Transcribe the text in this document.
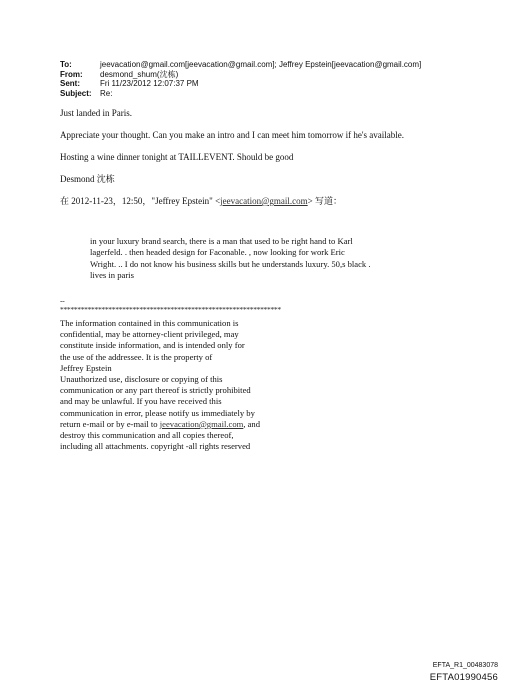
To:	jeevacation@gmail.com[jeevacation@gmail.com]; Jeffrey Epstein[jeevacation@gmail.com]
From:	desmond_shum(沈栋)
Sent:	Fri 11/23/2012 12:07:37 PM
Subject:	Re:

Just landed in Paris.

Appreciate your thought. Can you make an intro and I can meet him tomorrow if he's available.

Hosting a wine dinner tonight at TAILLEVENT. Should be good

Desmond 沈栋

在 2012-11-23，12:50，"Jeffrey Epstein" <jeevacation@gmail.com> 写道：

in your luxury brand search, there is a man that used to be right hand to Karl
lagerfeld. . then headed design for Faconable. , now looking for work Eric
Wright. .. I do not know his business skills but he understands luxury. 50,s black .
lives in paris
--
****************************************************************
The information contained in this communication is
confidential, may be attorney-client privileged, may
constitute inside information, and is intended only for
the use of the addressee. It is the property of
Jeffrey Epstein
Unauthorized use, disclosure or copying of this
communication or any part thereof is strictly prohibited
and may be unlawful. If you have received this
communication in error, please notify us immediately by
return e-mail or by e-mail to jeevacation@gmail.com, and
destroy this communication and all copies thereof,
including all attachments. copyright -all rights reserved
EFTA_R1_00483078
EFTA01990456
